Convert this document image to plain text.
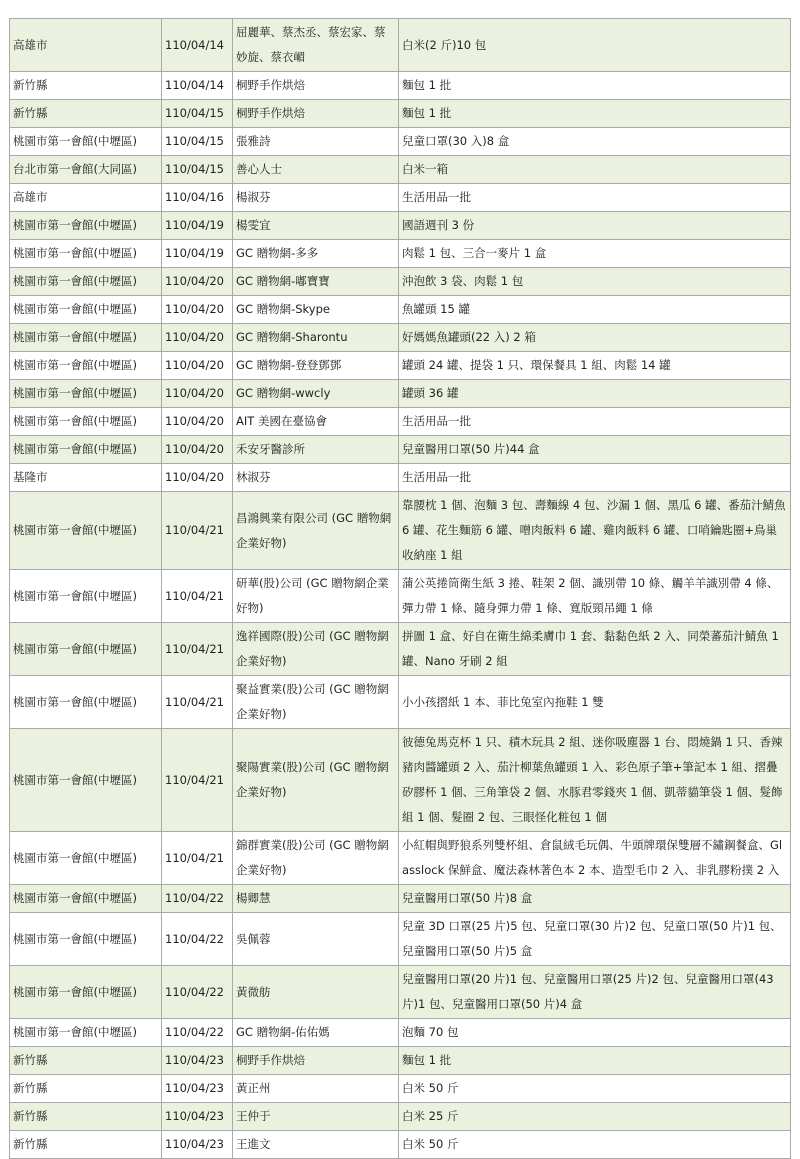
高雄市	110/04/14	屈麗華、蔡杰丞、蔡宏家、蔡妙旋、蔡衣嵋	白米(2 斤)10 包
新竹縣	110/04/14	桐野手作烘焙	麵包 1 批
新竹縣	110/04/15	桐野手作烘焙	麵包 1 批
桃園市第一會館(中壢區)	110/04/15	張雅詩	兒童口罩(30 入)8 盒
台北市第一會館(大同區)	110/04/15	善心人士	白米一箱
高雄市	110/04/16	楊淑芬	生活用品一批
桃園市第一會館(中壢區)	110/04/19	楊雯宜	國語週刊 3 份
桃園市第一會館(中壢區)	110/04/19	GC 贈物網-多多	肉鬆 1 包、三合一麥片 1 盒
桃園市第一會館(中壢區)	110/04/20	GC 贈物網-嘟寶寶	沖泡飲 3 袋、肉鬆 1 包
桃園市第一會館(中壢區)	110/04/20	GC 贈物網-Skype	魚罐頭 15 罐
桃園市第一會館(中壢區)	110/04/20	GC 贈物網-Sharontu	好媽媽魚罐頭(22 入) 2 箱
桃園市第一會館(中壢區)	110/04/20	GC 贈物網-登登鄧鄧	罐頭 24 罐、提袋 1 只、環保餐具 1 組、肉鬆 14 罐
桃園市第一會館(中壢區)	110/04/20	GC 贈物網-wwcly	罐頭 36 罐
桃園市第一會館(中壢區)	110/04/20	AIT 美國在臺協會	生活用品一批
桃園市第一會館(中壢區)	110/04/20	禾安牙醫診所	兒童醫用口罩(50 片)44 盒
基隆市	110/04/20	林淑芬	生活用品一批
桃園市第一會館(中壢區)	110/04/21	昌鴻興業有限公司 (GC 贈物網企業好物)	靠腰枕 1 個、泡麵 3 包、壽麵線 4 包、沙漏 1 個、黑瓜 6 罐、番茄汁鯖魚 6 罐、花生麵筋 6 罐、噌肉飯料 6 罐、雞肉飯料 6 罐、口哨鑰匙圈+鳥巢收納座 1 組
桃園市第一會館(中壢區)	110/04/21	研華(股)公司 (GC 贈物網企業好物)	蒲公英捲筒衛生紙 3 捲、鞋架 2 個、識別帶 10 條、觸羊羊識別帶 4 條、彈力帶 1 條、隨身彈力帶 1 條、寬版頸吊繩 1 條
桃園市第一會館(中壢區)	110/04/21	逸祥國際(股)公司 (GC 贈物網企業好物)	拼圖 1 盒、好自在衛生綿柔膚巾 1 套、黏黏色紙 2 入、同榮蕃茄汁鯖魚 1 罐、Nano 牙刷 2 組
桃園市第一會館(中壢區)	110/04/21	聚益實業(股)公司 (GC 贈物網企業好物)	小小孩摺紙 1 本、菲比兔室內拖鞋 1 雙
桃園市第一會館(中壢區)	110/04/21	聚陽實業(股)公司 (GC 贈物網企業好物)	彼德兔馬克杯 1 只、積木玩具 2 組、迷你吸塵器 1 台、悶燒鍋 1 只、香辣豬肉醬罐頭 2 入、茄汁柳葉魚罐頭 1 入、彩色原子筆+筆記本 1 組、摺疊矽膠杯 1 個、三角筆袋 2 個、水豚君零錢夾 1 個、凱蒂貓筆袋 1 個、髮飾組 1 個、髮圈 2 包、三眼怪化粧包 1 個
桃園市第一會館(中壢區)	110/04/21	錦群實業(股)公司 (GC 贈物網企業好物)	小紅帽與野狼系列雙杯組、倉鼠絨毛玩偶、牛頭牌環保雙層不鏽鋼餐盒、Glasslock 保鮮盒、魔法森林著色本 2 本、造型毛巾 2 入、非乳膠粉撲 2 入
桃園市第一會館(中壢區)	110/04/22	楊卿慧	兒童醫用口罩(50 片)8 盒
桃園市第一會館(中壢區)	110/04/22	吳佩蓉	兒童 3D 口罩(25 片)5 包、兒童口罩(30 片)2 包、兒童口罩(50 片)1 包、兒童醫用口罩(50 片)5 盒
桃園市第一會館(中壢區)	110/04/22	黃微舫	兒童醫用口罩(20 片)1 包、兒童醫用口罩(25 片)2 包、兒童醫用口罩(43 片)1 包、兒童醫用口罩(50 片)4 盒
桃園市第一會館(中壢區)	110/04/22	GC 贈物網-佑佑媽	泡麵 70 包
新竹縣	110/04/23	桐野手作烘焙	麵包 1 批
新竹縣	110/04/23	黃正州	白米 50 斤
新竹縣	110/04/23	王仲于	白米 25 斤
新竹縣	110/04/23	王進文	白米 50 斤
